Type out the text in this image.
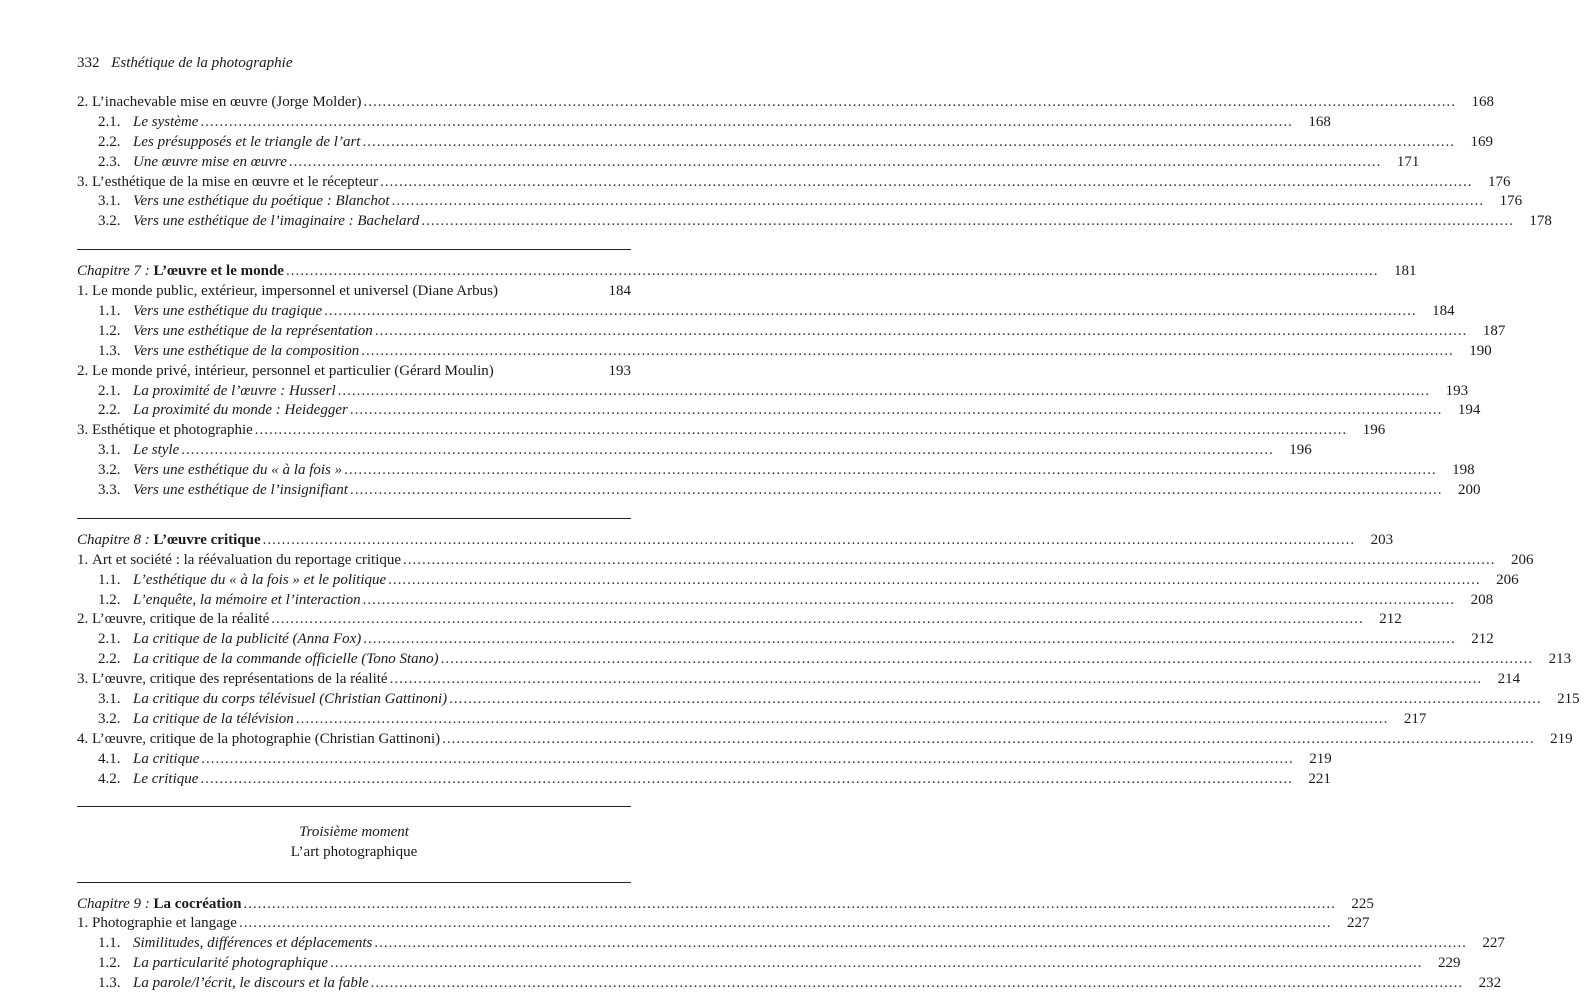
332 Esthétique de la photographie
2. L’inachevable mise en œuvre (Jorge Molder) .....	168
2.1. Le système .....	168
2.2. Les présupposés et le triangle de l’art .....	169
2.3. Une œuvre mise en œuvre .....	171
3. L’esthétique de la mise en œuvre et le récepteur .....	176
3.1. Vers une esthétique du poétique : Blanchot .....	176
3.2. Vers une esthétique de l’imaginaire : Bachelard .....	178
Chapitre 7 : L’œuvre et le monde .....	181
1. Le monde public, extérieur, impersonnel et universel (Diane Arbus)	184
1.1. Vers une esthétique du tragique .....	184
1.2. Vers une esthétique de la représentation .....	187
1.3. Vers une esthétique de la composition .....	190
2. Le monde privé, intérieur, personnel et particulier (Gérard Moulin)	193
2.1. La proximité de l’œuvre : Husserl .....	193
2.2. La proximité du monde : Heidegger .....	194
3. Esthétique et photographie .....	196
3.1. Le style .....	196
3.2. Vers une esthétique du « à la fois » .....	198
3.3. Vers une esthétique de l’insignifiant .....	200
Chapitre 8 : L’œuvre critique .....	203
1. Art et société : la réévaluation du reportage critique .....	206
1.1. L’esthétique du « à la fois » et le politique .....	206
1.2. L’enquête, la mémoire et l’interaction .....	208
2. L’œuvre, critique de la réalité .....	212
2.1. La critique de la publicité (Anna Fox) .....	212
2.2. La critique de la commande officielle (Tono Stano) .....	213
3. L’œuvre, critique des représentations de la réalité .....	214
3.1. La critique du corps télévisuel (Christian Gattinoni) .....	215
3.2. La critique de la télévision .....	217
4. L’œuvre, critique de la photographie (Christian Gattinoni) .....	219
4.1. La critique .....	219
4.2. Le critique .....	221
Troisième moment
L’art photographique
Chapitre 9 : La cocréation .....	225
1. Photographie et langage .....	227
1.1. Similitudes, différences et déplacements .....	227
1.2. La particularité photographique .....	229
1.3. La parole/l’écrit, le discours et la fable .....	232
